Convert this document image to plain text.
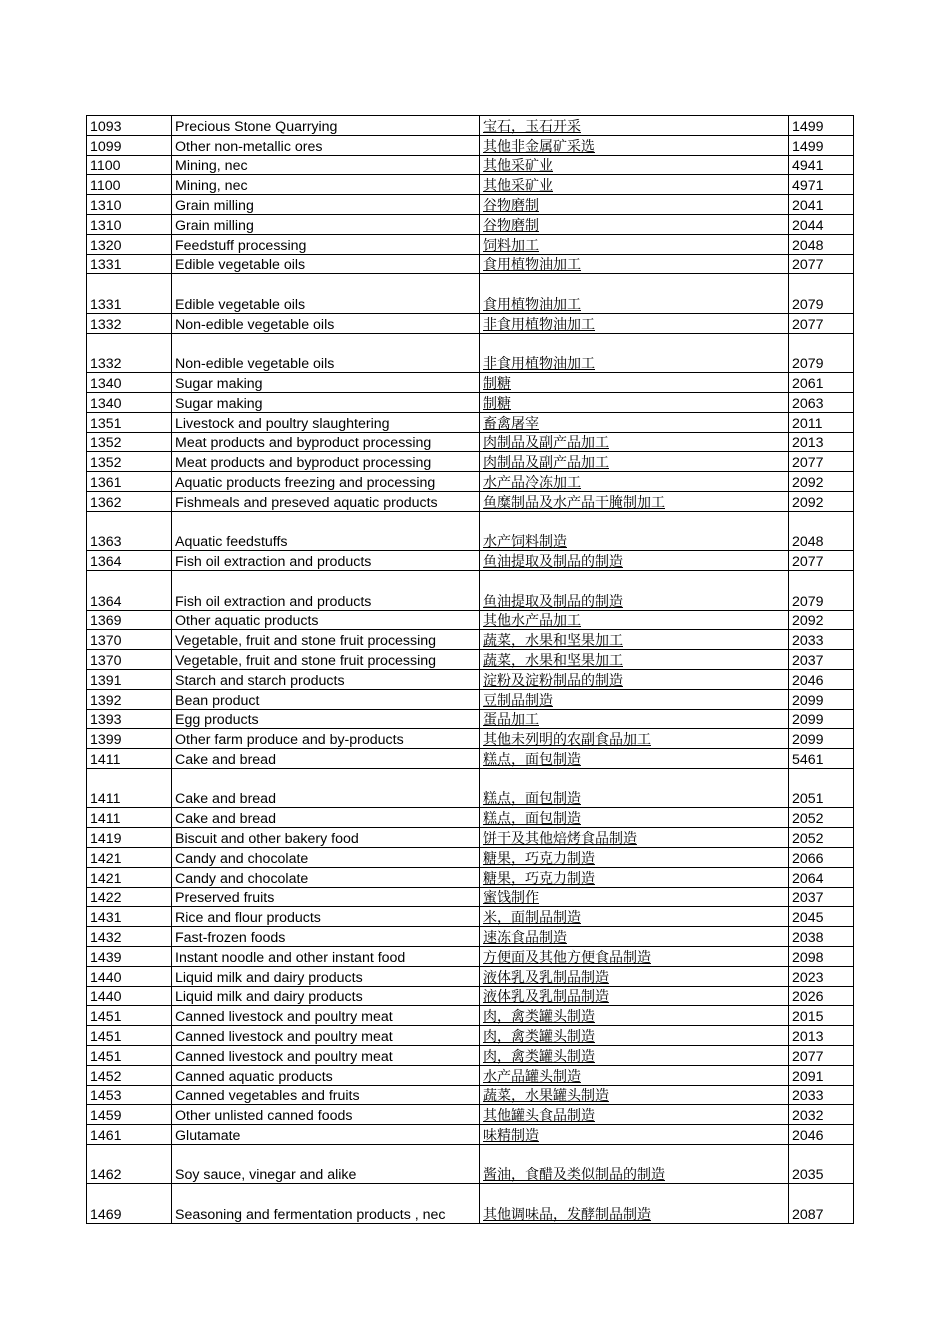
1093	Precious Stone Quarrying	宝石，玉石开采	1499
1099	Other non-metallic ores	其他非金属矿采选	1499
1100	Mining, nec	其他采矿业	4941
1100	Mining, nec	其他采矿业	4971
1310	Grain milling	谷物磨制	2041
1310	Grain milling	谷物磨制	2044
1320	Feedstuff processing	饲料加工	2048
1331	Edible vegetable oils	食用植物油加工	2077
1331	Edible vegetable oils	食用植物油加工	2079
1332	Non-edible vegetable oils	非食用植物油加工	2077
1332	Non-edible vegetable oils	非食用植物油加工	2079
1340	Sugar making	制糖	2061
1340	Sugar making	制糖	2063
1351	Livestock and poultry slaughtering	畜禽屠宰	2011
1352	Meat products and byproduct processing	肉制品及副产品加工	2013
1352	Meat products and byproduct processing	肉制品及副产品加工	2077
1361	Aquatic products freezing and processing	水产品冷冻加工	2092
1362	Fishmeals and preseved aquatic products	鱼糜制品及水产品干腌制加工	2092
1363	Aquatic feedstuffs	水产饲料制造	2048
1364	Fish oil extraction and products	鱼油提取及制品的制造	2077
1364	Fish oil extraction and products	鱼油提取及制品的制造	2079
1369	Other aquatic products	其他水产品加工	2092
1370	Vegetable, fruit and stone fruit processing	蔬菜，水果和坚果加工	2033
1370	Vegetable, fruit and stone fruit processing	蔬菜，水果和坚果加工	2037
1391	Starch and starch products	淀粉及淀粉制品的制造	2046
1392	Bean product	豆制品制造	2099
1393	Egg products	蛋品加工	2099
1399	Other farm produce and by-products	其他未列明的农副食品加工	2099
1411	Cake and bread	糕点，面包制造	5461
1411	Cake and bread	糕点，面包制造	2051
1411	Cake and bread	糕点，面包制造	2052
1419	Biscuit and other bakery food	饼干及其他焙烤食品制造	2052
1421	Candy and chocolate	糖果，巧克力制造	2066
1421	Candy and chocolate	糖果，巧克力制造	2064
1422	Preserved fruits	蜜饯制作	2037
1431	Rice and flour products	米，面制品制造	2045
1432	Fast-frozen foods	速冻食品制造	2038
1439	Instant noodle and other instant food	方便面及其他方便食品制造	2098
1440	Liquid milk and dairy products	液体乳及乳制品制造	2023
1440	Liquid milk and dairy products	液体乳及乳制品制造	2026
1451	Canned livestock and poultry meat	肉，禽类罐头制造	2015
1451	Canned livestock and poultry meat	肉，禽类罐头制造	2013
1451	Canned livestock and poultry meat	肉，禽类罐头制造	2077
1452	Canned aquatic products	水产品罐头制造	2091
1453	Canned vegetables and fruits	蔬菜，水果罐头制造	2033
1459	Other unlisted canned foods	其他罐头食品制造	2032
1461	Glutamate	味精制造	2046
1462	Soy sauce, vinegar and alike	酱油，食醋及类似制品的制造	2035
1469	Seasoning and fermentation products , nec	其他调味品，发酵制品制造	2087
